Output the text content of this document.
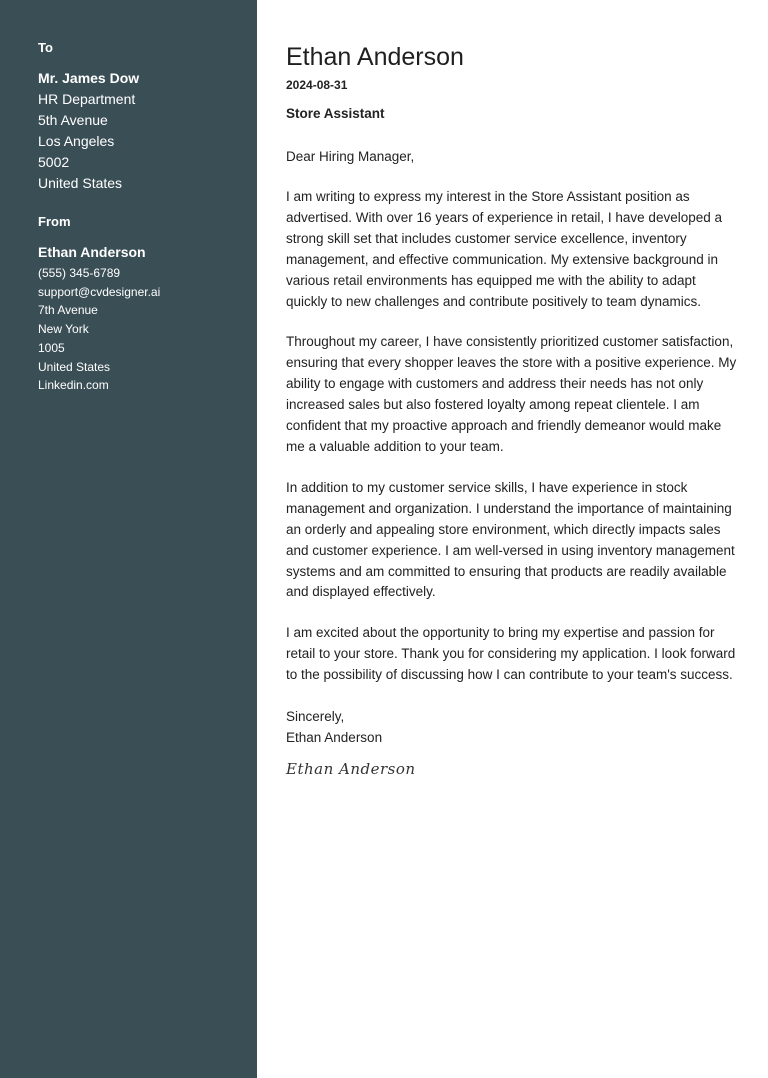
To
Mr. James Dow
HR Department
5th Avenue
Los Angeles
5002
United States
From
Ethan Anderson
(555) 345-6789
support@cvdesigner.ai
7th Avenue
New York
1005
United States
Linkedin.com
Ethan Anderson
2024-08-31
Store Assistant
Dear Hiring Manager,

I am writing to express my interest in the Store Assistant position as advertised. With over 16 years of experience in retail, I have developed a strong skill set that includes customer service excellence, inventory management, and effective communication. My extensive background in various retail environments has equipped me with the ability to adapt quickly to new challenges and contribute positively to team dynamics.

Throughout my career, I have consistently prioritized customer satisfaction, ensuring that every shopper leaves the store with a positive experience. My ability to engage with customers and address their needs has not only increased sales but also fostered loyalty among repeat clientele. I am confident that my proactive approach and friendly demeanor would make me a valuable addition to your team.

In addition to my customer service skills, I have experience in stock management and organization. I understand the importance of maintaining an orderly and appealing store environment, which directly impacts sales and customer experience. I am well-versed in using inventory management systems and am committed to ensuring that products are readily available and displayed effectively.

I am excited about the opportunity to bring my expertise and passion for retail to your store. Thank you for considering my application. I look forward to the possibility of discussing how I can contribute to your team's success.

Sincerely,
Ethan Anderson
Ethan Anderson
